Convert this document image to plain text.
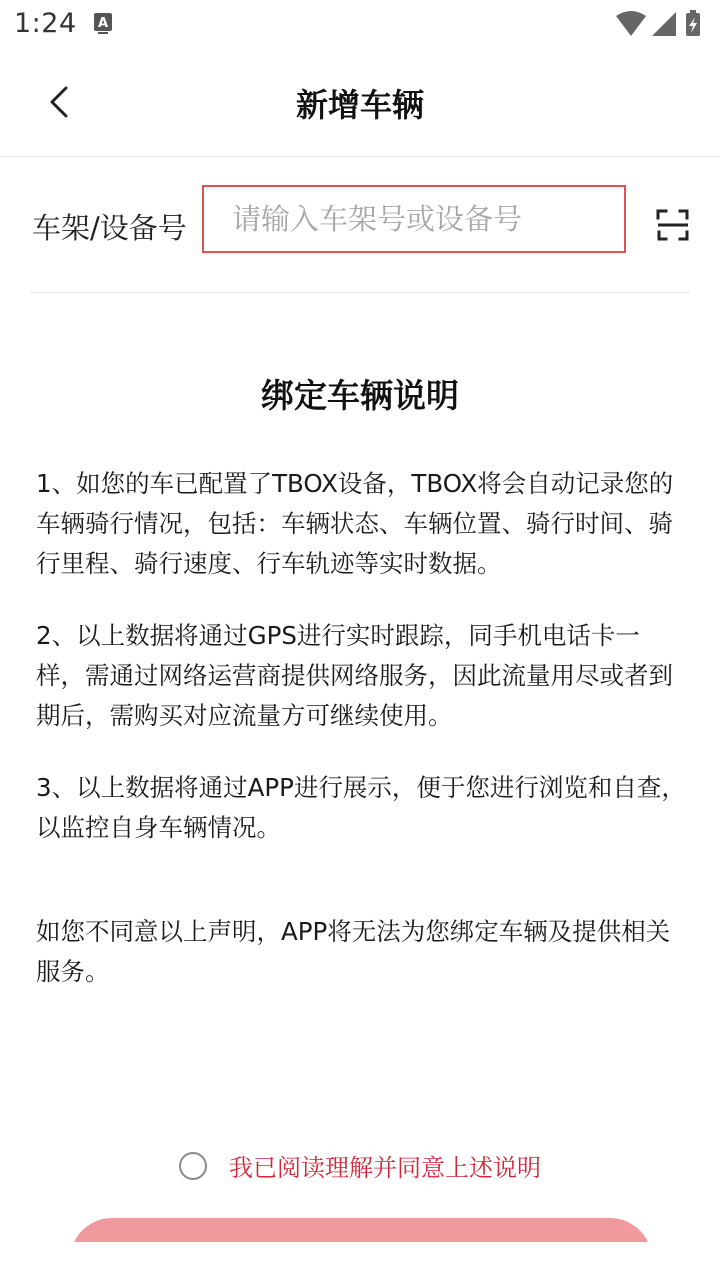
1:24 A
新增车辆
车架/设备号
请输入车架号或设备号
绑定车辆说明

1、如您的车已配置了TBOX设备，TBOX将会自动记录您的车辆骑行情况，包括：车辆状态、车辆位置、骑行时间、骑行里程、骑行速度、行车轨迹等实时数据。

2、以上数据将通过GPS进行实时跟踪，同手机电话卡一样，需通过网络运营商提供网络服务，因此流量用尽或者到期后，需购买对应流量方可继续使用。

3、以上数据将通过APP进行展示，便于您进行浏览和自查，以监控自身车辆情况。

如您不同意以上声明，APP将无法为您绑定车辆及提供相关服务。

我已阅读理解并同意上述说明
